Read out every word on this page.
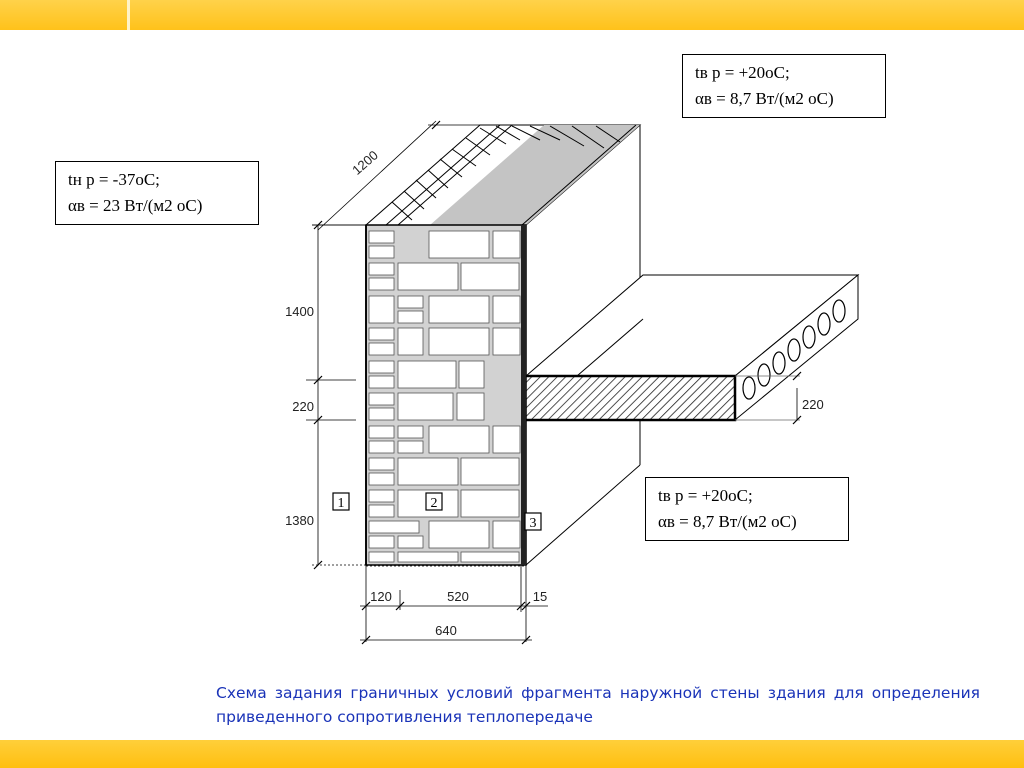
1	2
3
1200
1400
220
1380
220
120	520	15
640
tн р = -37оС;
αв = 23 Вт/(м2 оС)
tв р = +20оС;
αв = 8,7 Вт/(м2 оС)
tв р = +20оС;
αв = 8,7 Вт/(м2 оС)
Схема задания граничных условий фрагмента наружной стены здания для определения приведенного сопротивления теплопередаче
